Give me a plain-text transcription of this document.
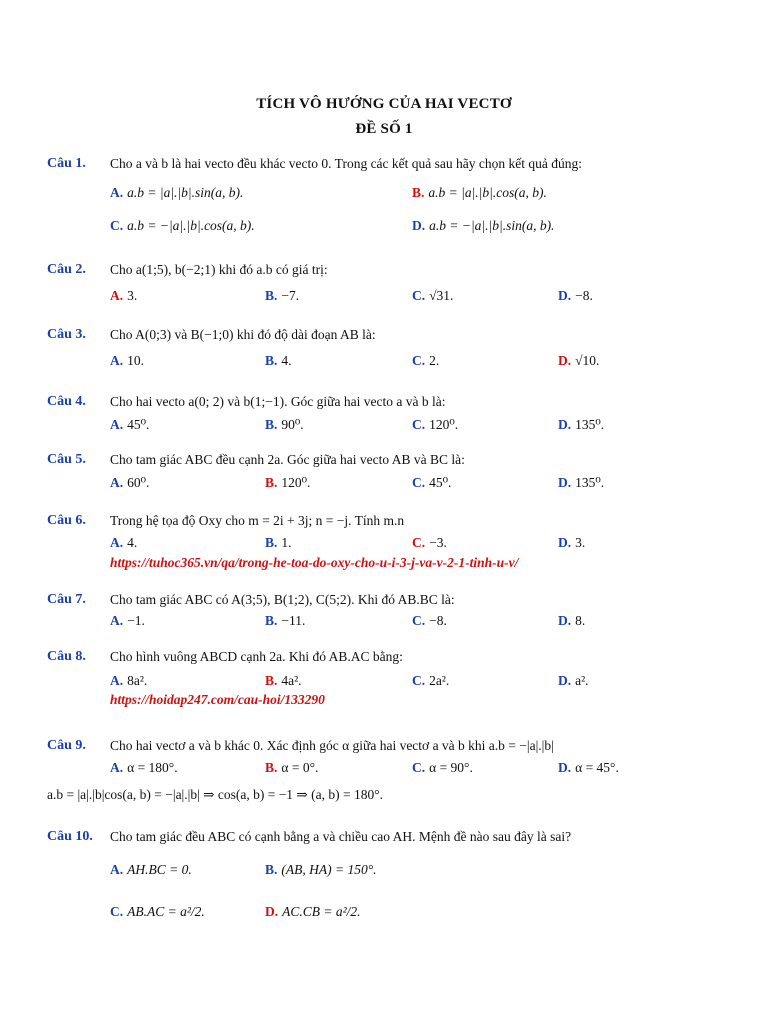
TÍCH VÔ HƯỚNG CỦA HAI VECTƠ
ĐỀ SỐ 1
Câu 1. Cho a và b là hai vecto đều khác vecto 0. Trong các kết quả sau hãy chọn kết quả đúng:
A. a.b = |a|.|b|.sin(a, b).	B. a.b = |a|.|b|.cos(a, b).
C. a.b = −|a|.|b|.cos(a, b).	D. a.b = −|a|.|b|.sin(a, b).
Câu 2. Cho a(1;5), b(−2;1) khi đó a.b có giá trị:
A. 3.	B. −7.	C. √31.	D. −8.
Câu 3. Cho A(0;3) và B(−1;0) khi đó độ dài đoạn AB là:
A. 10.	B. 4.	C. 2.	D. √10.
Câu 4. Cho hai vecto a(0; 2) và b(1;−1). Góc giữa hai vecto a và b là:
A. 45⁰.	B. 90⁰.	C. 120⁰.	D. 135⁰.
Câu 5. Cho tam giác ABC đều cạnh 2a. Góc giữa hai vecto AB và BC là:
A. 60⁰.	B. 120⁰.	C. 45⁰.	D. 135⁰.
Câu 6. Trong hệ tọa độ Oxy cho m = 2i + 3j; n = −j. Tính m.n
A. 4.	B. 1.	C. −3.	D. 3.
https://tuhoc365.vn/qa/trong-he-toa-do-oxy-cho-u-i-3-j-va-v-2-1-tinh-u-v/
Câu 7. Cho tam giác ABC có A(3;5), B(1;2), C(5;2). Khi đó AB.BC là:
A. −1.	B. −11.	C. −8.	D. 8.
Câu 8. Cho hình vuông ABCD cạnh 2a. Khi đó AB.AC bằng:
A. 8a².	B. 4a².	C. 2a².	D. a².
https://hoidap247.com/cau-hoi/133290
Câu 9. Cho hai vectơ a và b khác 0. Xác định góc α giữa hai vectơ a và b khi a.b = −|a|.|b|
A. α = 180°.	B. α = 0°.	C. α = 90°.	D. α = 45°.
a.b = |a|.|b|cos(a, b) = −|a|.|b| ⇒ cos(a, b) = −1 ⇒ (a, b) = 180°.
Câu 10. Cho tam giác đều ABC có cạnh bằng a và chiều cao AH. Mệnh đề nào sau đây là sai?
A. AH.BC = 0.	B. (AB, HA) = 150°.
C. AB.AC = a²/2.	D. AC.CB = a²/2.
